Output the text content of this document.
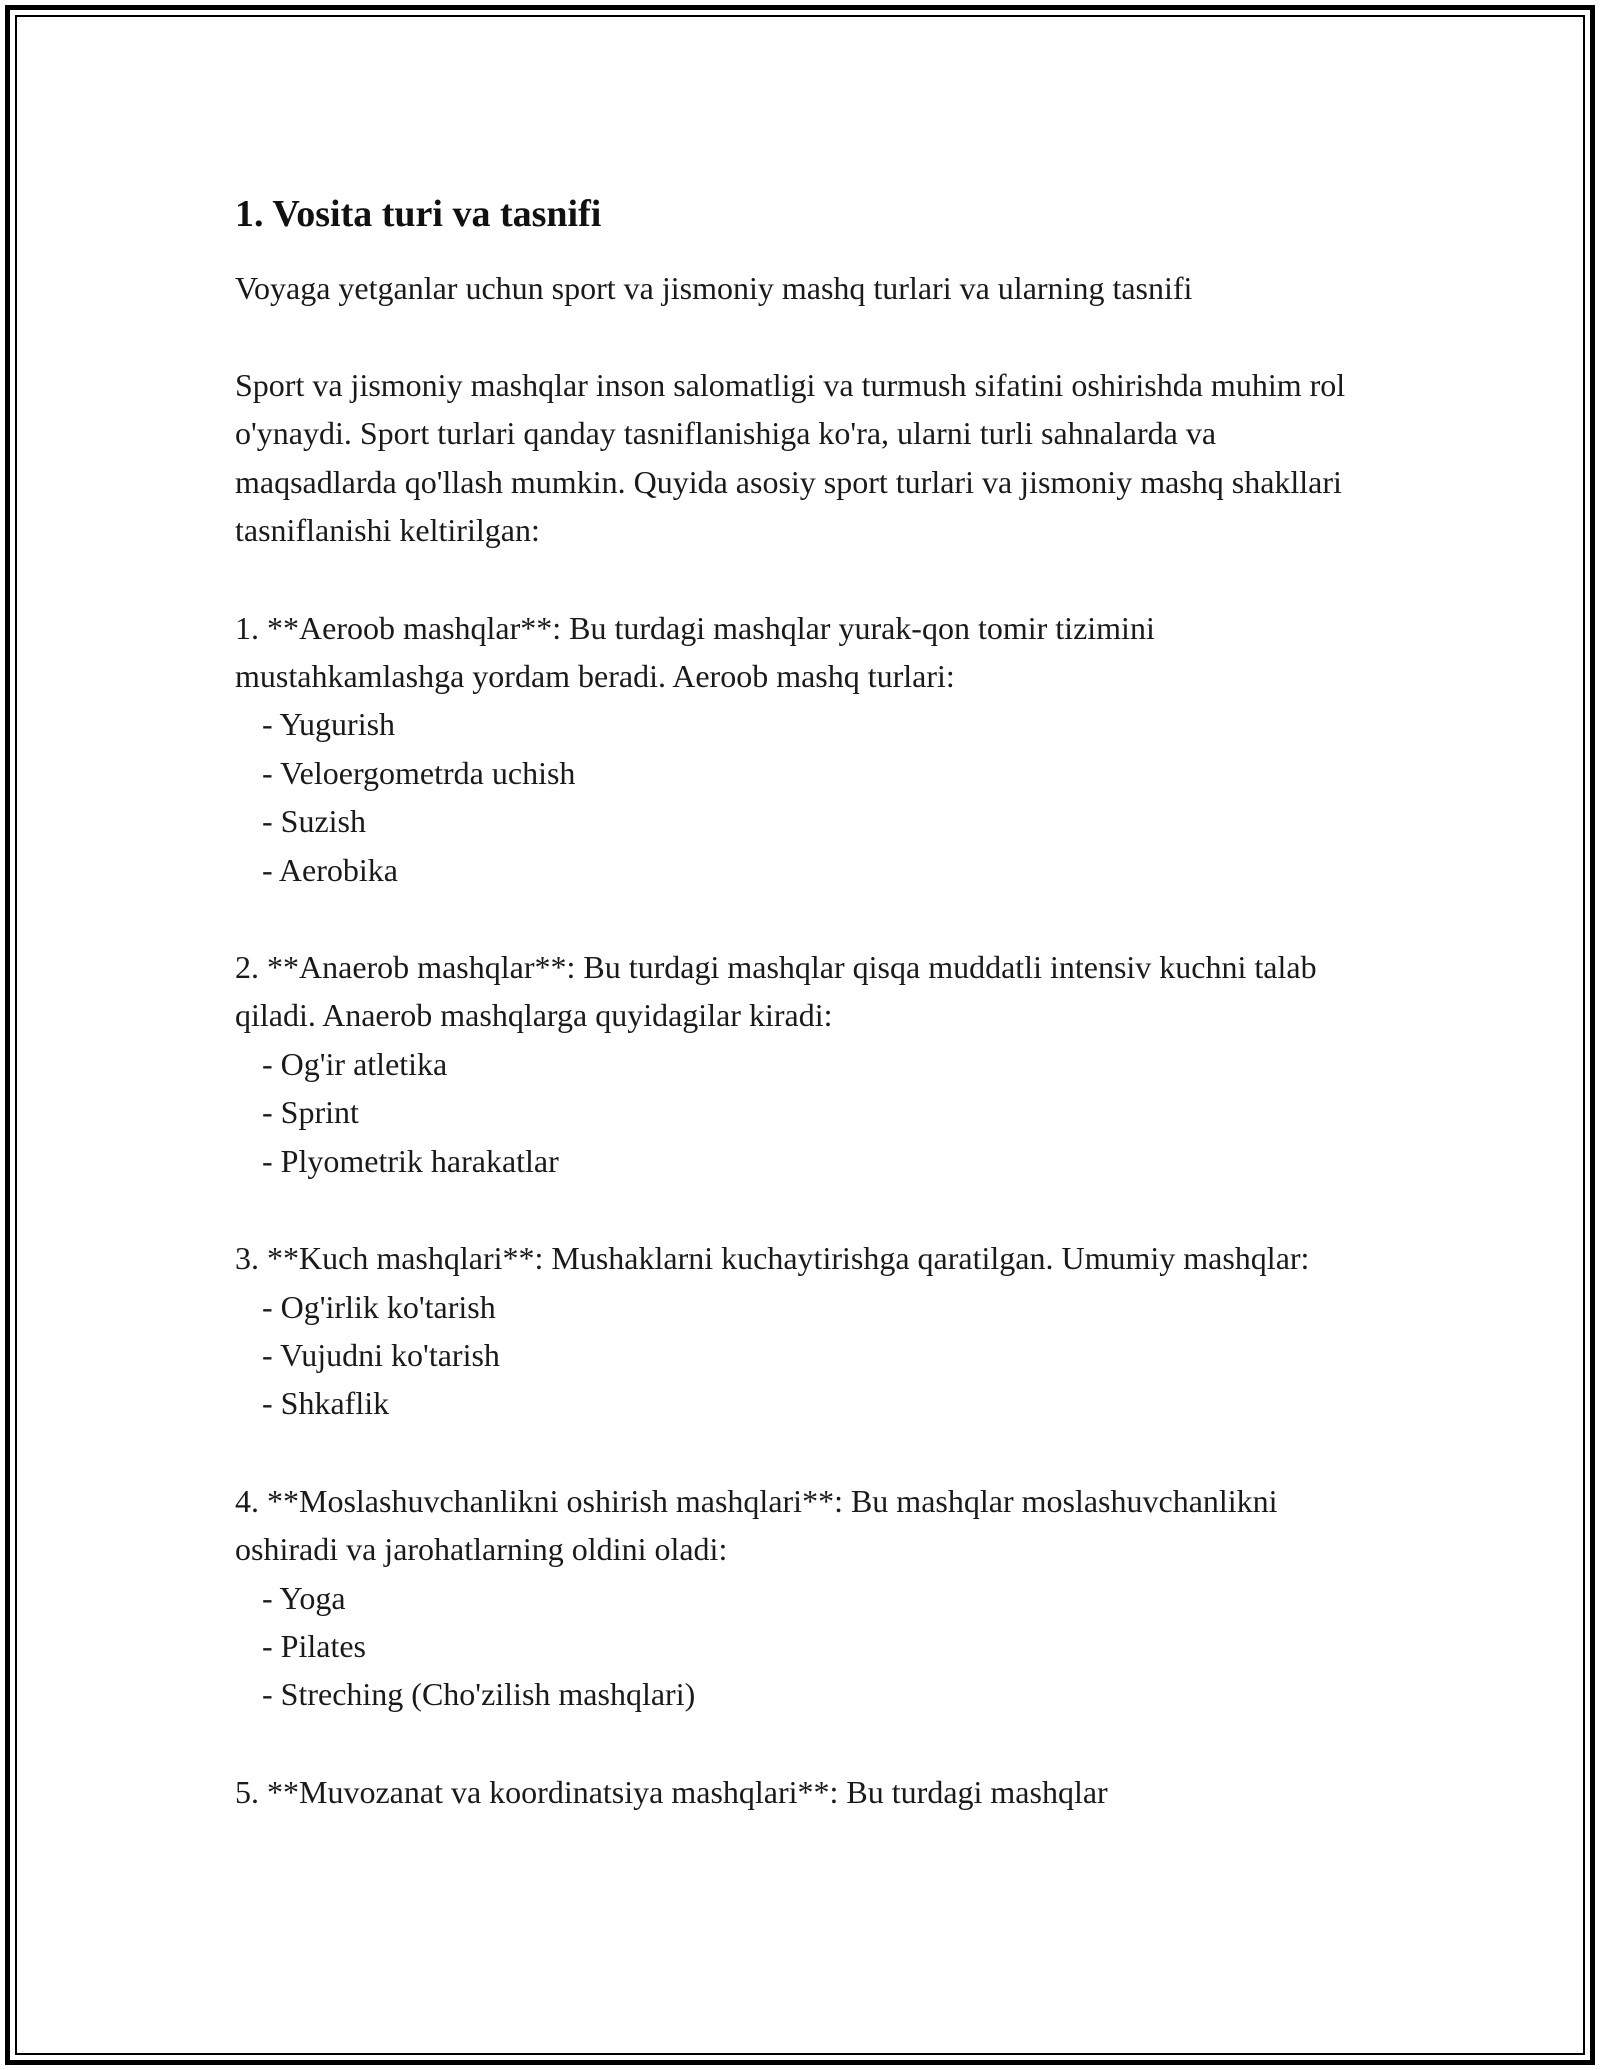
1. Vosita turi va tasnifi

Voyaga yetganlar uchun sport va jismoniy mashq turlari va ularning tasnifi

Sport va jismoniy mashqlar inson salomatligi va turmush sifatini oshirishda muhim rol o'ynaydi. Sport turlari qanday tasniflanishiga ko'ra, ularni turli sahnalarda va maqsadlarda qo'llash mumkin. Quyida asosiy sport turlari va jismoniy mashq shakllari tasniflanishi keltirilgan:

1. **Aeroob mashqlar**: Bu turdagi mashqlar yurak-qon tomir tizimini mustahkamlashga yordam beradi. Aeroob mashq turlari:

- Yugurish
- Veloergometrda uchish
- Suzish
- Aerobika

2. **Anaerob mashqlar**: Bu turdagi mashqlar qisqa muddatli intensiv kuchni talab qiladi. Anaerob mashqlarga quyidagilar kiradi:

- Og'ir atletika
- Sprint
- Plyometrik harakatlar

3. **Kuch mashqlari**: Mushaklarni kuchaytirishga qaratilgan. Umumiy mashqlar:

- Og'irlik ko'tarish
- Vujudni ko'tarish
- Shkaflik

4. **Moslashuvchanlikni oshirish mashqlari**: Bu mashqlar moslashuvchanlikni oshiradi va jarohatlarning oldini oladi:

- Yoga
- Pilates
- Streching (Cho'zilish mashqlari)

5. **Muvozanat va koordinatsiya mashqlari**: Bu turdagi mashqlar
